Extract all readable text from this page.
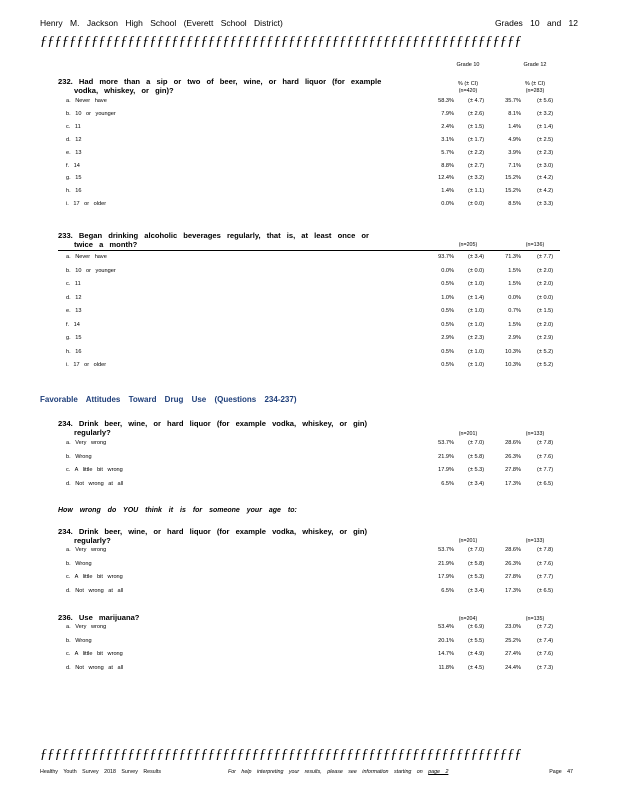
Henry M. Jackson High School (Everett School District)	Grades 10 and 12
ƒƒƒƒƒƒƒƒƒƒƒƒƒƒƒƒƒƒƒƒƒƒƒƒƒƒƒƒƒƒƒƒƒƒƒƒƒƒƒƒƒƒƒƒƒƒƒƒƒƒƒƒƒƒƒƒƒƒƒƒƒƒƒƒƒƒ
Grade 10	Grade 12
% (± CI)	% (± CI)
232. Had more than a sip or two of beer, wine, or hard liquor (for example
vodka, whiskey, or gin)?	(n=420)	(n=283)
233. Began drinking alcoholic beverages regularly, that is, at least once or
twice a month?	(n=205)	(n=136)
Favorable Attitudes Toward Drug Use (Questions 234-237)
234. Drink beer, wine, or hard liquor (for example vodka, whiskey, or gin)
regularly?	(n=201)	(n=133)
How wrong do YOU think it is for someone your age to:
234. Drink beer, wine, or hard liquor (for example vodka, whiskey, or gin)
regularly?	(n=201)	(n=133)
236. Use marijuana?	(n=204)	(n=135)
ƒƒƒƒƒƒƒƒƒƒƒƒƒƒƒƒƒƒƒƒƒƒƒƒƒƒƒƒƒƒƒƒƒƒƒƒƒƒƒƒƒƒƒƒƒƒƒƒƒƒƒƒƒƒƒƒƒƒƒƒƒƒƒƒƒƒ
Healthy Youth Survey 2018 Survey Results	For help interpreting your results, please see information starting on page 2	Page 47
a. Never have	58.3%	(± 4.7)	35.7%	(± 5.6)
b. 10 or younger	7.9%	(± 2.6)	8.1%	(± 3.2)
c. 11	2.4%	(± 1.5)	1.4%	(± 1.4)
d. 12	3.1%	(± 1.7)	4.9%	(± 2.5)
e. 13	5.7%	(± 2.2)	3.9%	(± 2.3)
f. 14	8.8%	(± 2.7)	7.1%	(± 3.0)
g. 15	12.4%	(± 3.2)	15.2%	(± 4.2)
h. 16	1.4%	(± 1.1)	15.2%	(± 4.2)
i. 17 or older	0.0%	(± 0.0)	8.5%	(± 3.3)
a. Never have	93.7%	(± 3.4)	71.3%	(± 7.7)
b. 10 or younger	0.0%	(± 0.0)	1.5%	(± 2.0)
c. 11	0.5%	(± 1.0)	1.5%	(± 2.0)
d. 12	1.0%	(± 1.4)	0.0%	(± 0.0)
e. 13	0.5%	(± 1.0)	0.7%	(± 1.5)
f. 14	0.5%	(± 1.0)	1.5%	(± 2.0)
g. 15	2.9%	(± 2.3)	2.9%	(± 2.9)
h. 16	0.5%	(± 1.0)	10.3%	(± 5.2)
i. 17 or older	0.5%	(± 1.0)	10.3%	(± 5.2)
a. Very wrong	53.7%	(± 7.0)	28.6%	(± 7.8)
b. Wrong	21.9%	(± 5.8)	26.3%	(± 7.6)
c. A little bit wrong	17.9%	(± 5.3)	27.8%	(± 7.7)
d. Not wrong at all	6.5%	(± 3.4)	17.3%	(± 6.5)
a. Very wrong	53.7%	(± 7.0)	28.6%	(± 7.8)
b. Wrong	21.9%	(± 5.8)	26.3%	(± 7.6)
c. A little bit wrong	17.9%	(± 5.3)	27.8%	(± 7.7)
d. Not wrong at all	6.5%	(± 3.4)	17.3%	(± 6.5)
a. Very wrong	53.4%	(± 6.9)	23.0%	(± 7.2)
b. Wrong	20.1%	(± 5.5)	25.2%	(± 7.4)
c. A little bit wrong	14.7%	(± 4.9)	27.4%	(± 7.6)
d. Not wrong at all	11.8%	(± 4.5)	24.4%	(± 7.3)
